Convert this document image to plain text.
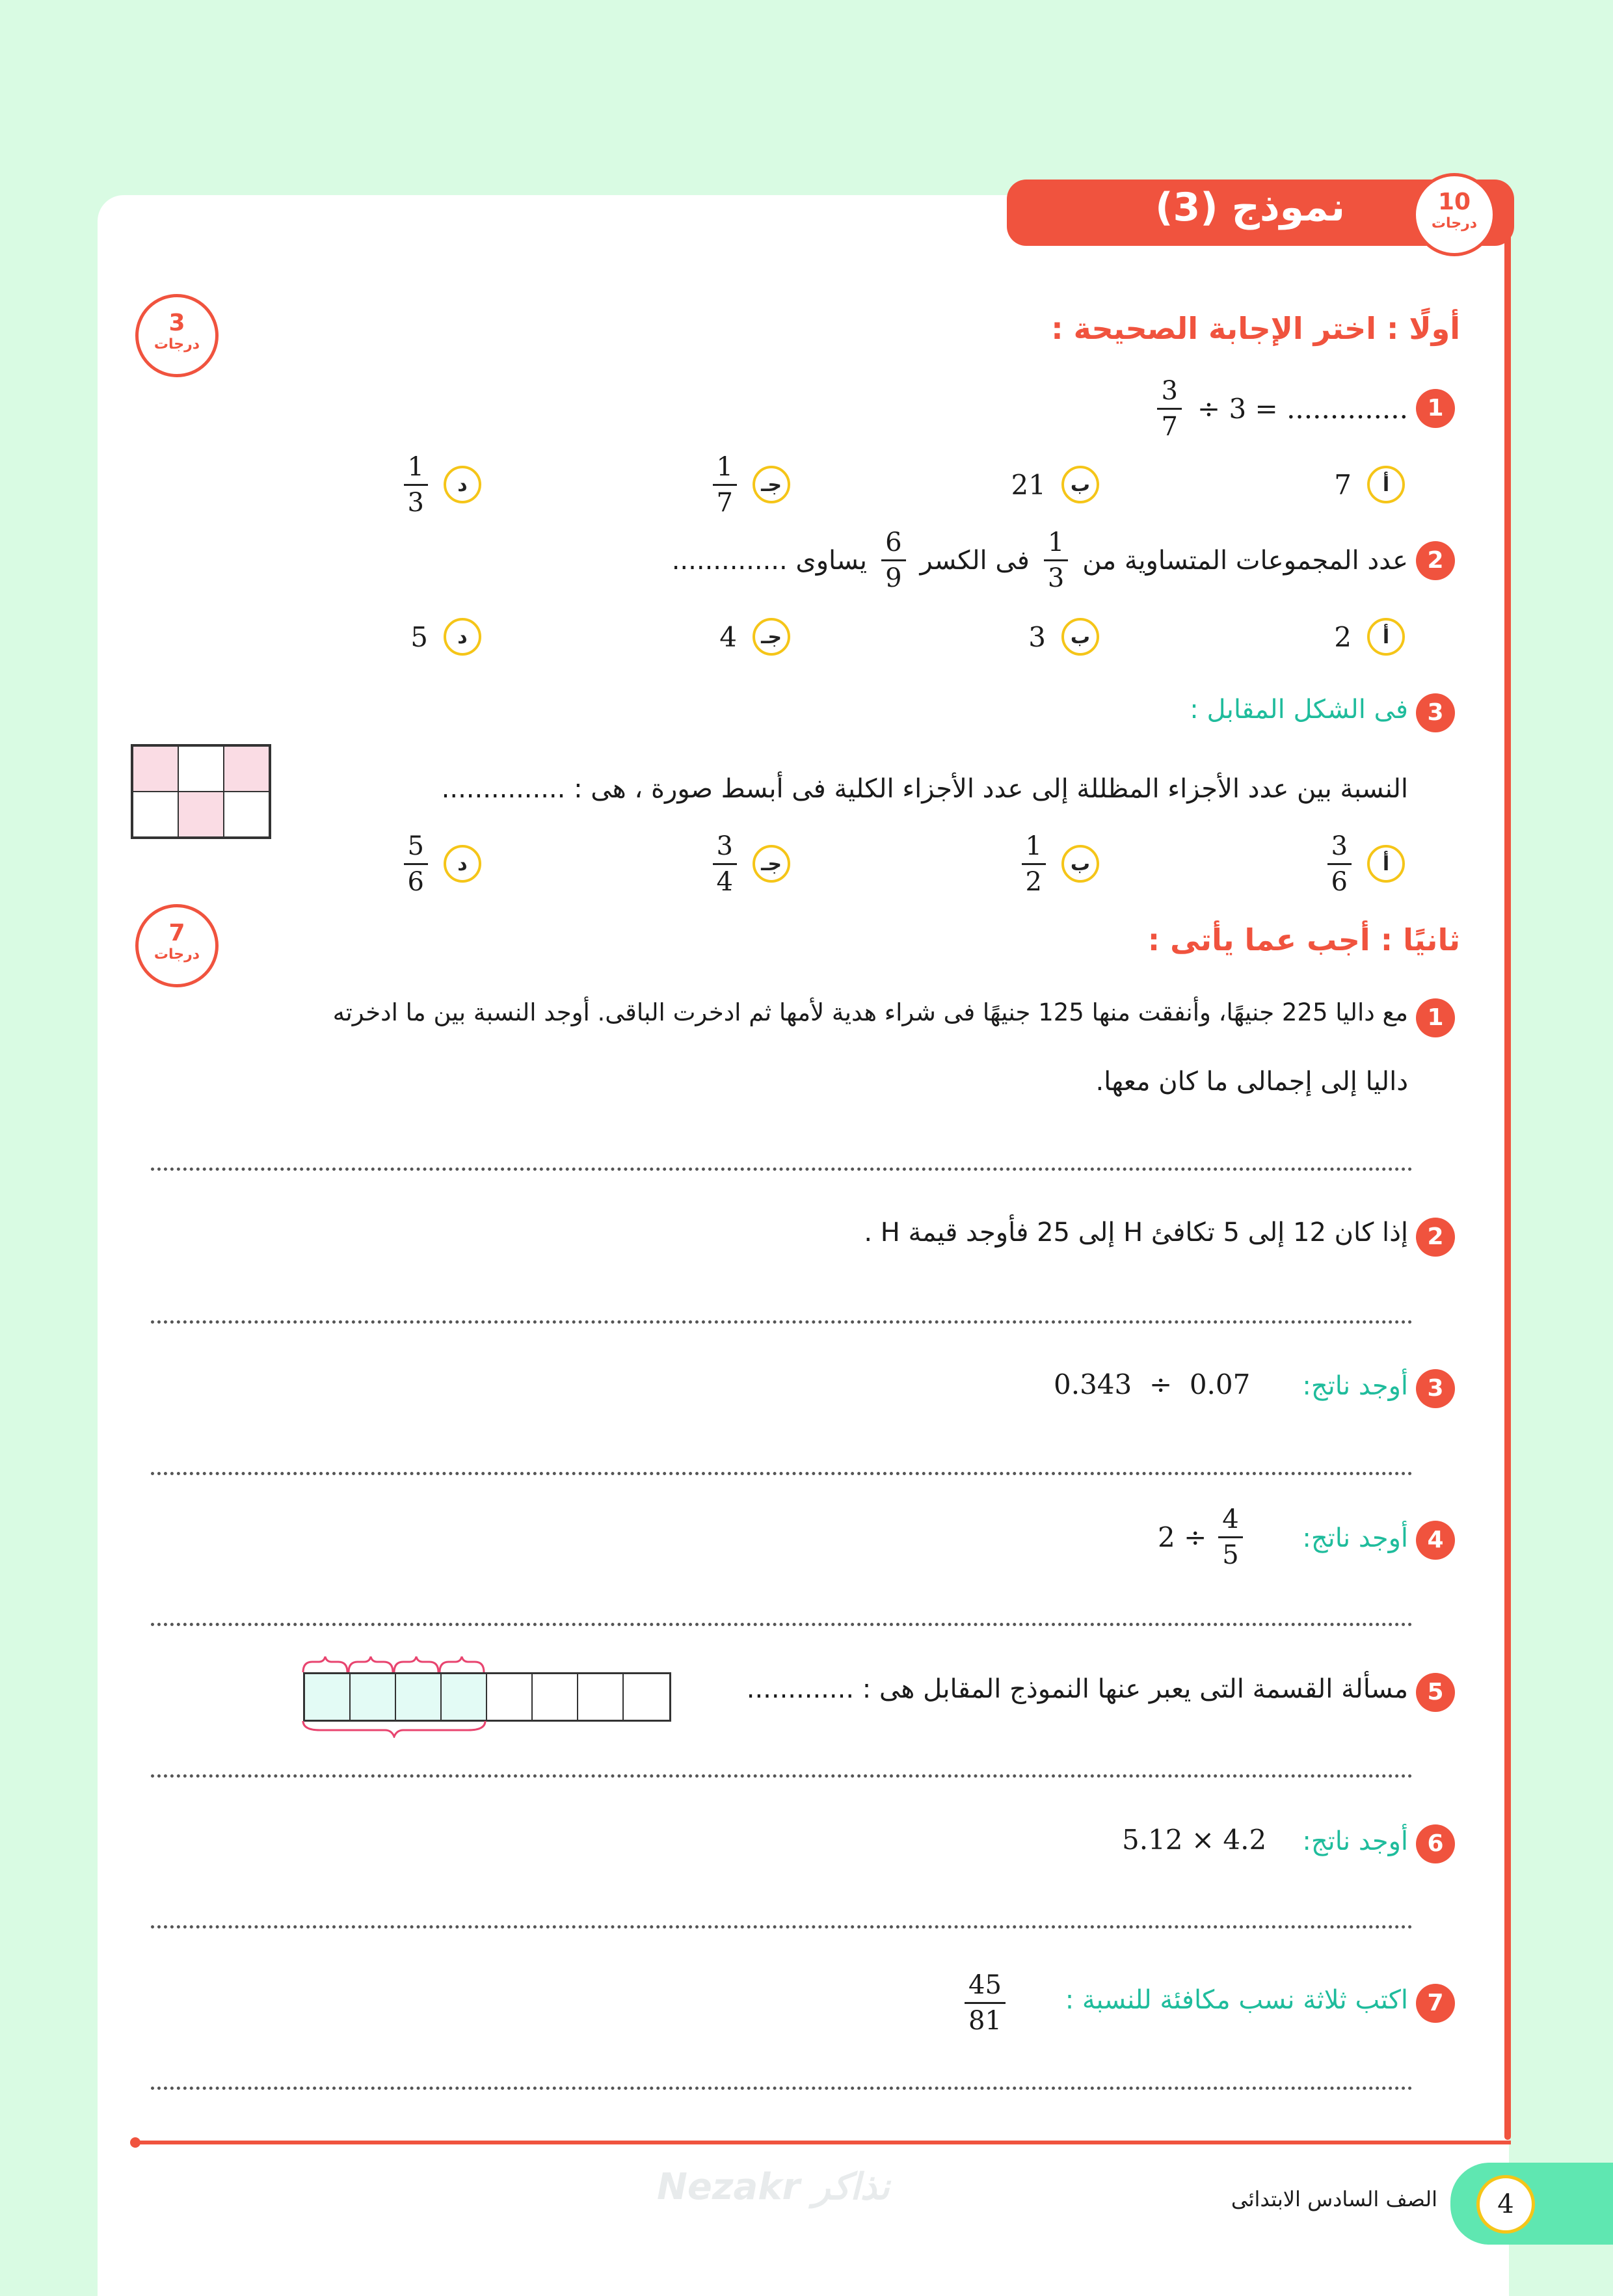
نموذج (3)	10
درجات
3
درجات	أولًا : اختر الإجابة الصحيحة :
1
$\frac{3}{7} \div 3$ = ..............
أ
7
ب
21
جـ
$\frac{1}{7}$
د
$\frac{1}{3}$
2
عدد المجموعات المتساوية من
$\frac{1}{3}$
فى الكسر
$\frac{6}{9}$
يساوى ..............
أ
2
ب
3
جـ
4
د
5
3
فى الشكل المقابل :
النسبة بين عدد الأجزاء المظللة إلى عدد الأجزاء الكلية فى أبسط صورة ، هى : ...............
أ
$\frac{3}{6}$
ب
$\frac{1}{2}$
جـ
$\frac{3}{4}$
د
$\frac{5}{6}$
7
درجات	ثانيًا : أجب عما يأتى :
1
مع داليا 225 جنيهًا، وأنفقت منها 125 جنيهًا فى شراء هدية لأمها ثم ادخرت الباقى. أوجد النسبة بين ما ادخرته
داليا إلى إجمالى ما كان معها.
2
إذا كان 12 إلى 5 تكافئ H إلى 25 فأوجد قيمة H .
3
أوجد ناتج:
0.343  ÷  0.07
4
أوجد ناتج:
$2 \div \frac{4}{5}$
5
مسألة القسمة التى يعبر عنها النموذج المقابل هى : .............
6
أوجد ناتج:
5.12 × 4.2
7
اكتب ثلاثة نسب مكافئة للنسبة :
$\frac{45}{81}$
Nezakr نذاكر	4
الصف السادس الابتدائى
